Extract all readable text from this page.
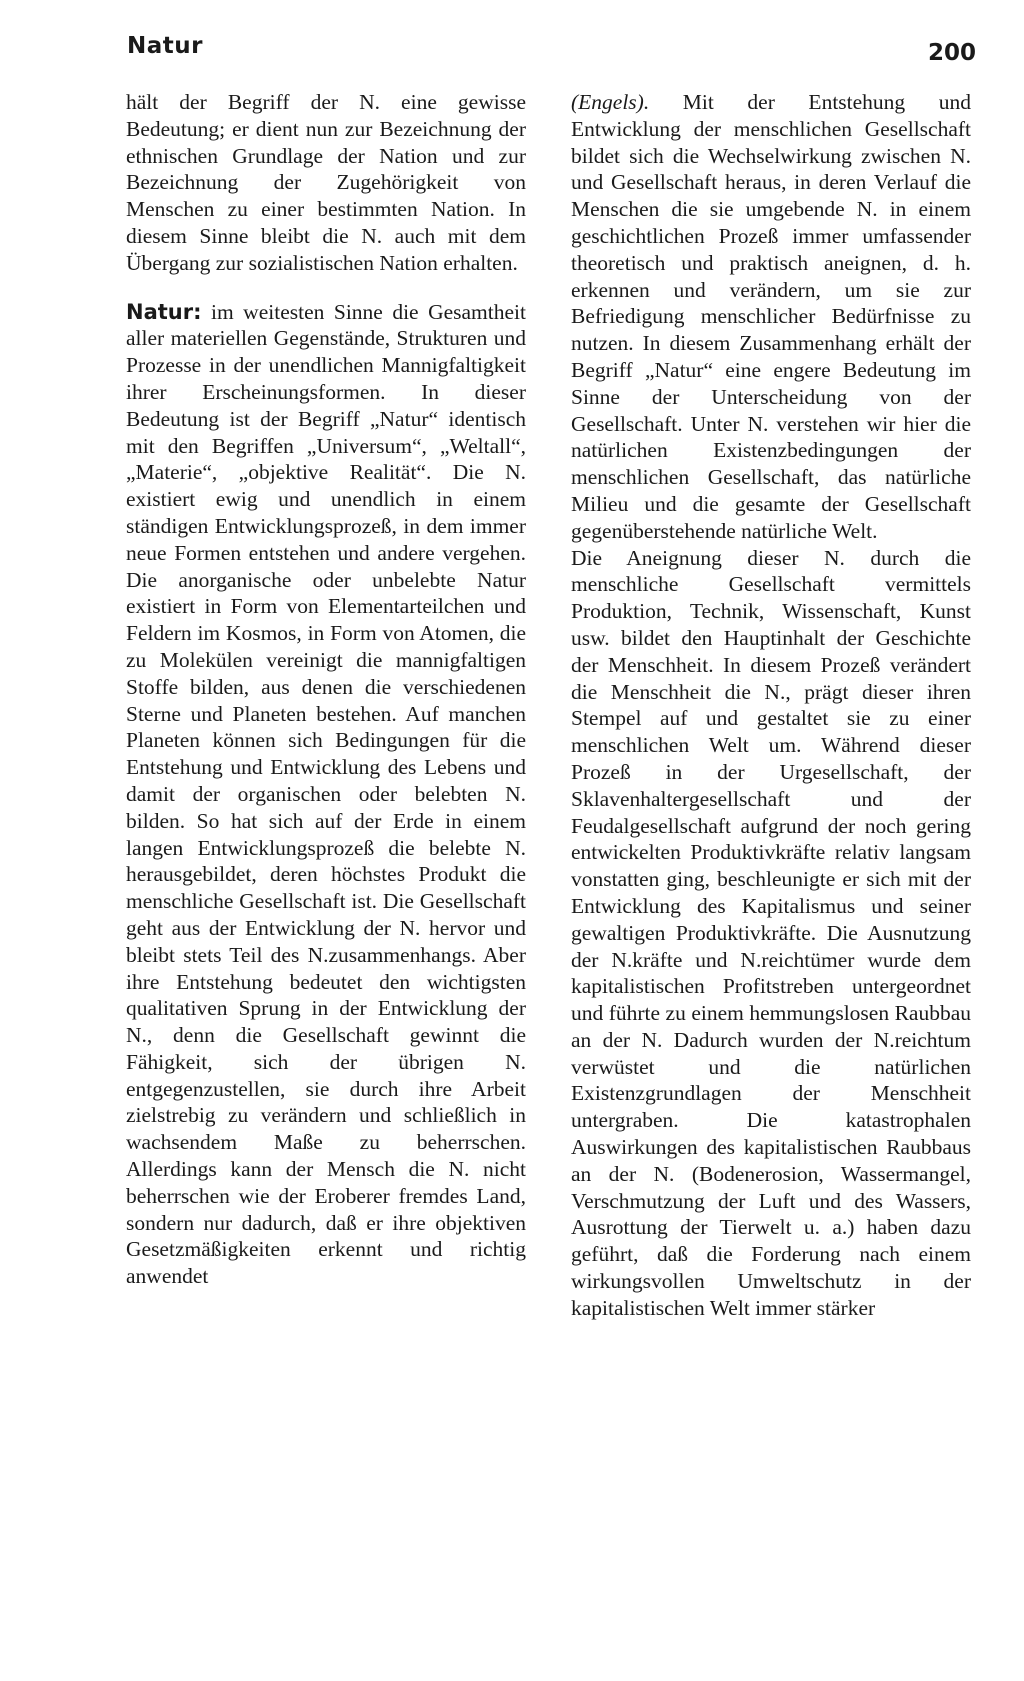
Natur	200

hält der Begriff der N. eine gewisse Bedeutung; er dient nun zur Bezeichnung der ethnischen Grundlage der Nation und zur Bezeichnung der Zugehörigkeit von Menschen zu einer bestimmten Nation. In diesem Sinne bleibt die N. auch mit dem Übergang zur sozialistischen Nation erhalten.

Natur: im weitesten Sinne die Gesamtheit aller materiellen Gegenstände, Strukturen und Prozesse in der unendlichen Mannigfaltigkeit ihrer Erscheinungsformen. In dieser Bedeutung ist der Begriff „Natur“ identisch mit den Begriffen „Universum“, „Weltall“, „Materie“, „objektive Realität“. Die N. existiert ewig und unendlich in einem ständigen Entwicklungsprozeß, in dem immer neue Formen entstehen und andere vergehen. Die anorganische oder unbelebte Natur existiert in Form von Elementarteilchen und Feldern im Kosmos, in Form von Atomen, die zu Molekülen vereinigt die mannigfaltigen Stoffe bilden, aus denen die verschiedenen Sterne und Planeten bestehen. Auf manchen Planeten können sich Bedingungen für die Entstehung und Entwicklung des Lebens und damit der organischen oder belebten N. bilden. So hat sich auf der Erde in einem langen Entwicklungsprozeß die belebte N. herausgebildet, deren höchstes Produkt die menschliche Gesellschaft ist. Die Gesellschaft geht aus der Entwicklung der N. hervor und bleibt stets Teil des N.zusammenhangs. Aber ihre Entstehung bedeutet den wichtigsten qualitativen Sprung in der Entwicklung der N., denn die Gesellschaft gewinnt die Fähigkeit, sich der übrigen N. entgegenzustellen, sie durch ihre Arbeit zielstrebig zu verändern und schließlich in wachsendem Maße zu beherrschen. Allerdings kann der Mensch die N. nicht beherrschen wie der Eroberer fremdes Land, sondern nur dadurch, daß er ihre objektiven Gesetzmäßigkeiten erkennt und richtig anwendet

(Engels). Mit der Entstehung und Entwicklung der menschlichen Gesellschaft bildet sich die Wechselwirkung zwischen N. und Gesellschaft heraus, in deren Verlauf die Menschen die sie umgebende N. in einem geschichtlichen Prozeß immer umfassender theoretisch und praktisch aneignen, d. h. erkennen und verändern, um sie zur Befriedigung menschlicher Bedürfnisse zu nutzen. In diesem Zusammenhang erhält der Begriff „Natur“ eine engere Bedeutung im Sinne der Unterscheidung von der Gesellschaft. Unter N. verstehen wir hier die natürlichen Existenzbedingungen der menschlichen Gesellschaft, das natürliche Milieu und die gesamte der Gesellschaft gegenüberstehende natürliche Welt.

Die Aneignung dieser N. durch die menschliche Gesellschaft vermittels Produktion, Technik, Wissenschaft, Kunst usw. bildet den Hauptinhalt der Geschichte der Menschheit. In diesem Prozeß verändert die Menschheit die N., prägt dieser ihren Stempel auf und gestaltet sie zu einer menschlichen Welt um. Während dieser Prozeß in der Urgesellschaft, der Sklavenhaltergesellschaft und der Feudalgesellschaft aufgrund der noch gering entwickelten Produktivkräfte relativ langsam vonstatten ging, beschleunigte er sich mit der Entwicklung des Kapitalismus und seiner gewaltigen Produktivkräfte. Die Ausnutzung der N.kräfte und N.reichtümer wurde dem kapitalistischen Profitstreben untergeordnet und führte zu einem hemmungslosen Raubbau an der N. Dadurch wurden der N.reichtum verwüstet und die natürlichen Existenzgrundlagen der Menschheit untergraben. Die katastrophalen Auswirkungen des kapitalistischen Raubbaus an der N. (Bodenerosion, Wassermangel, Verschmutzung der Luft und des Wassers, Ausrottung der Tierwelt u. a.) haben dazu geführt, daß die Forderung nach einem wirkungsvollen Umweltschutz in der kapitalistischen Welt immer stärker
